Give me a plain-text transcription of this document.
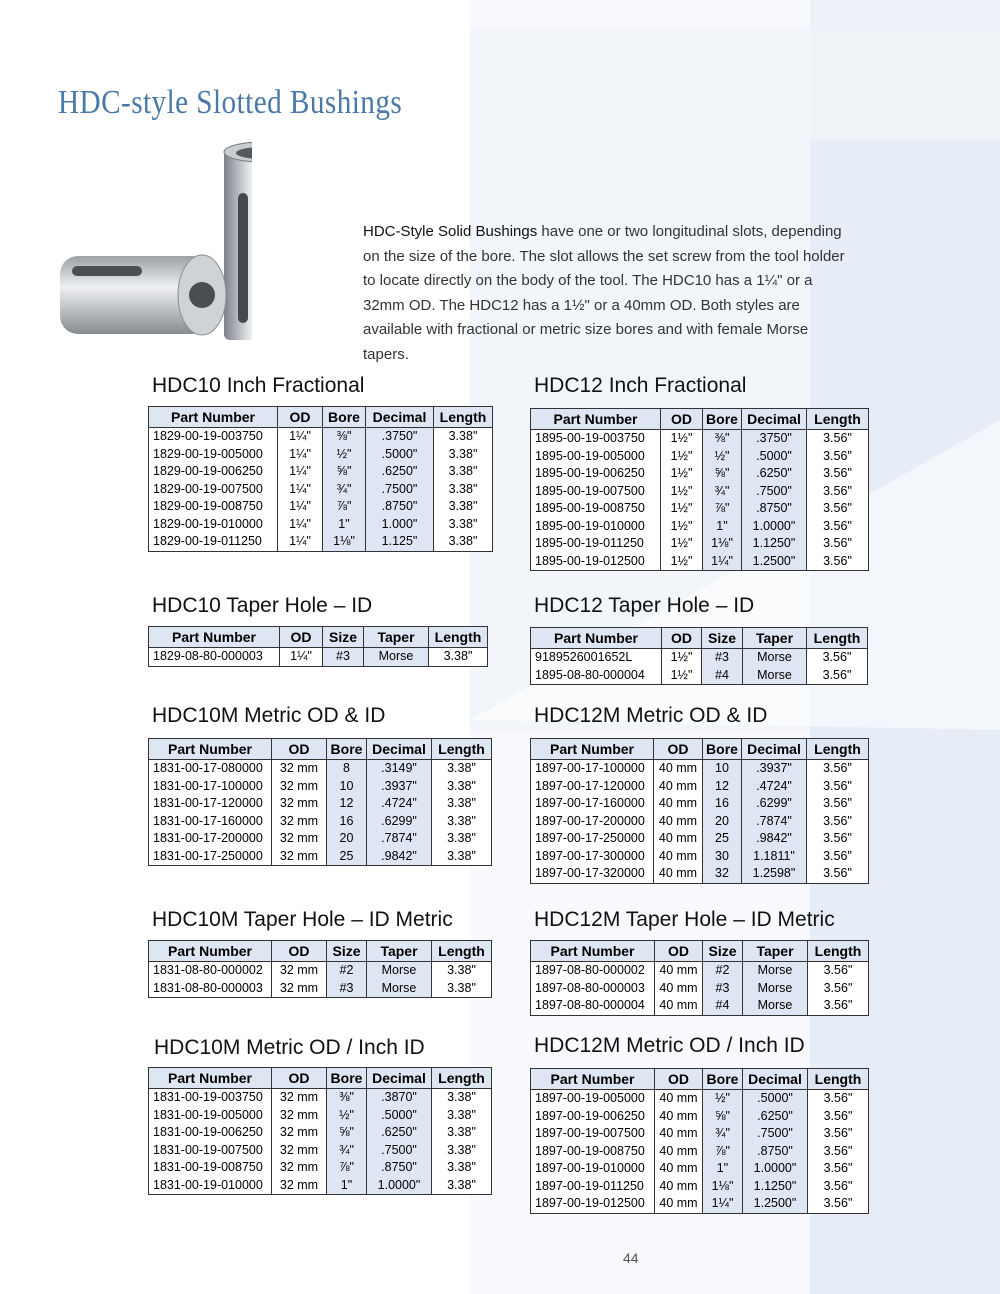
HDC-style Slotted Bushings
HDC-Style Solid Bushings have one or two longitudinal slots, depending on the size of the bore. The slot allows the set screw from the tool holder to locate directly on the body of the tool. The HDC10 has a 1¼" or a 32mm OD. The HDC12 has a 1½" or a 40mm OD. Both styles are available with fractional or metric size bores and with female Morse tapers.
HDC10 Inch Fractional
Part Number	OD	Bore	Decimal	Length
1829-00-19-003750	1¼"	⅜"	.3750"	3.38"
1829-00-19-005000	1¼"	½"	.5000"	3.38"
1829-00-19-006250	1¼"	⅝"	.6250"	3.38"
1829-00-19-007500	1¼"	¾"	.7500"	3.38"
1829-00-19-008750	1¼"	⅞"	.8750"	3.38"
1829-00-19-010000	1¼"	1"	1.000"	3.38"
1829-00-19-011250	1¼"	1⅛"	1.125"	3.38"
HDC12 Inch Fractional
Part Number	OD	Bore	Decimal	Length
1895-00-19-003750	1½"	⅜"	.3750"	3.56"
1895-00-19-005000	1½"	½"	.5000"	3.56"
1895-00-19-006250	1½"	⅝"	.6250"	3.56"
1895-00-19-007500	1½"	¾"	.7500"	3.56"
1895-00-19-008750	1½"	⅞"	.8750"	3.56"
1895-00-19-010000	1½"	1"	1.0000"	3.56"
1895-00-19-011250	1½"	1⅛"	1.1250"	3.56"
1895-00-19-012500	1½"	1¼"	1.2500"	3.56"
HDC10 Taper Hole – ID
Part Number	OD	Size	Taper	Length
1829-08-80-000003	1¼"	#3	Morse	3.38"
HDC12 Taper Hole – ID
Part Number	OD	Size	Taper	Length
9189526001652L	1½"	#3	Morse	3.56"
1895-08-80-000004	1½"	#4	Morse	3.56"
HDC10M Metric OD & ID
Part Number	OD	Bore	Decimal	Length
1831-00-17-080000	32 mm	8	.3149"	3.38"
1831-00-17-100000	32 mm	10	.3937"	3.38"
1831-00-17-120000	32 mm	12	.4724"	3.38"
1831-00-17-160000	32 mm	16	.6299"	3.38"
1831-00-17-200000	32 mm	20	.7874"	3.38"
1831-00-17-250000	32 mm	25	.9842"	3.38"
HDC12M Metric OD & ID
Part Number	OD	Bore	Decimal	Length
1897-00-17-100000	40 mm	10	.3937"	3.56"
1897-00-17-120000	40 mm	12	.4724"	3.56"
1897-00-17-160000	40 mm	16	.6299"	3.56"
1897-00-17-200000	40 mm	20	.7874"	3.56"
1897-00-17-250000	40 mm	25	.9842"	3.56"
1897-00-17-300000	40 mm	30	1.1811"	3.56"
1897-00-17-320000	40 mm	32	1.2598"	3.56"
HDC10M Taper Hole – ID Metric
Part Number	OD	Size	Taper	Length
1831-08-80-000002	32 mm	#2	Morse	3.38"
1831-08-80-000003	32 mm	#3	Morse	3.38"
HDC12M Taper Hole – ID Metric
Part Number	OD	Size	Taper	Length
1897-08-80-000002	40 mm	#2	Morse	3.56"
1897-08-80-000003	40 mm	#3	Morse	3.56"
1897-08-80-000004	40 mm	#4	Morse	3.56"
HDC10M Metric OD / Inch ID
Part Number	OD	Bore	Decimal	Length
1831-00-19-003750	32 mm	⅜"	.3870"	3.38"
1831-00-19-005000	32 mm	½"	.5000"	3.38"
1831-00-19-006250	32 mm	⅝"	.6250"	3.38"
1831-00-19-007500	32 mm	¾"	.7500"	3.38"
1831-00-19-008750	32 mm	⅞"	.8750"	3.38"
1831-00-19-010000	32 mm	1"	1.0000"	3.38"
HDC12M Metric OD / Inch ID
Part Number	OD	Bore	Decimal	Length
1897-00-19-005000	40 mm	½"	.5000"	3.56"
1897-00-19-006250	40 mm	⅝"	.6250"	3.56"
1897-00-19-007500	40 mm	¾"	.7500"	3.56"
1897-00-19-008750	40 mm	⅞"	.8750"	3.56"
1897-00-19-010000	40 mm	1"	1.0000"	3.56"
1897-00-19-011250	40 mm	1⅛"	1.1250"	3.56"
1897-00-19-012500	40 mm	1¼"	1.2500"	3.56"
44
